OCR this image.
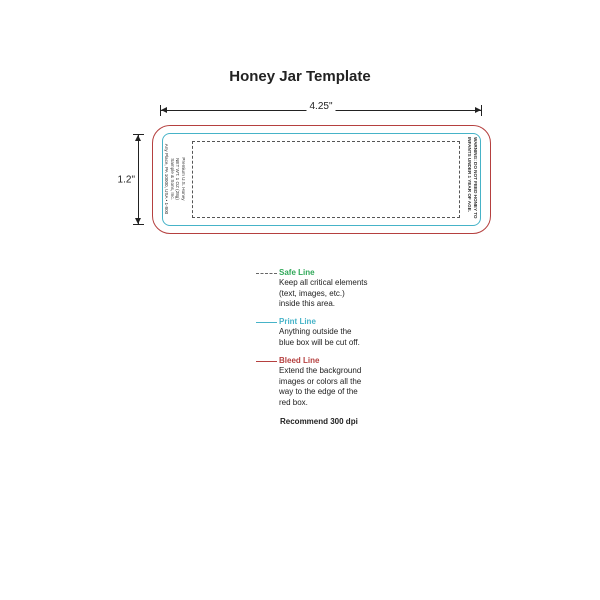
Honey Jar Template
4.25"
1.2"	Premium U.S. Honey
NET WT. 1 OZ (28g)
Sample & Sons, Inc.
Any Place, PA 10000, USA • 1-800	WARNING: DO NOT FEED HONEY TO
INFANTS UNDER 1 YEAR OF AGE.
Safe Line
Keep all critical elements
(text, images, etc.)
inside this area.
Print Line
Anything outside the
blue box will be cut off.
Bleed Line
Extend the background
images or colors all the
way to the edge of the
red box.
Recommend 300 dpi
